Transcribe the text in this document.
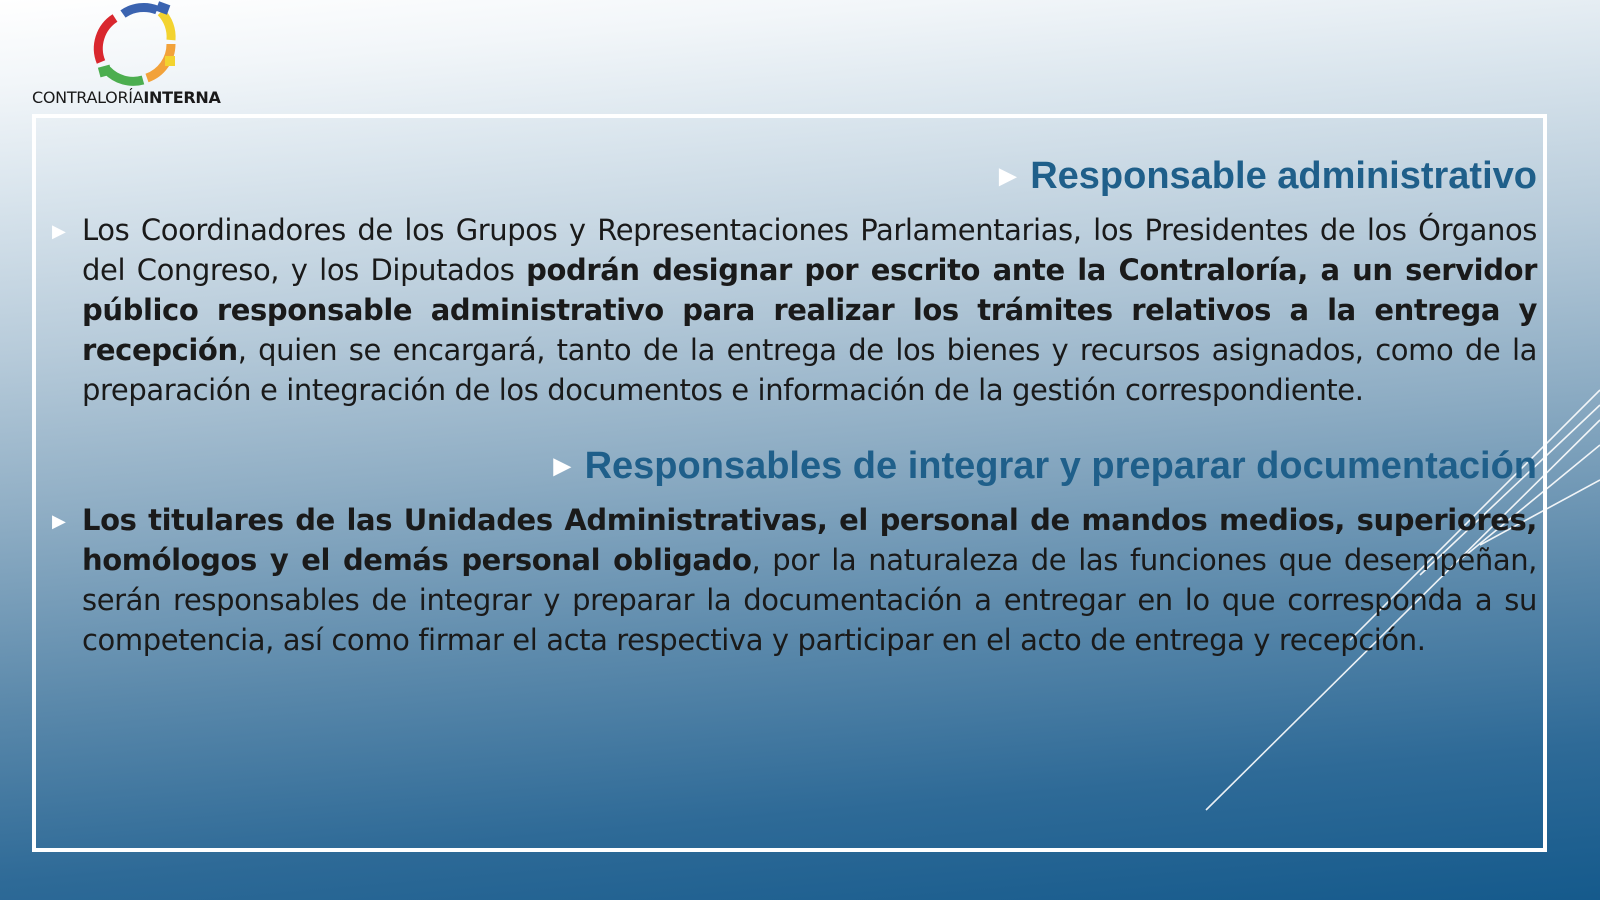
CONTRALORÍAINTERNA
▶ Responsable administrativo

▶ Los Coordinadores de los Grupos y Representaciones Parlamentarias, los Presidentes de los Órganos del Congreso, y los Diputados podrán designar por escrito ante la Contraloría, a un servidor público responsable administrativo para realizar los trámites relativos a la entrega y recepción, quien se encargará, tanto de la entrega de los bienes y recursos asignados, como de la preparación e integración de los documentos e información de la gestión correspondiente.

▶ Responsables de integrar y preparar documentación

▶ Los titulares de las Unidades Administrativas, el personal de mandos medios, superiores, homólogos y el demás personal obligado, por la naturaleza de las funciones que desempeñan, serán responsables de integrar y preparar la documentación a entregar en lo que corresponda a su competencia, así como firmar el acta respectiva y participar en el acto de entrega y recepción.
